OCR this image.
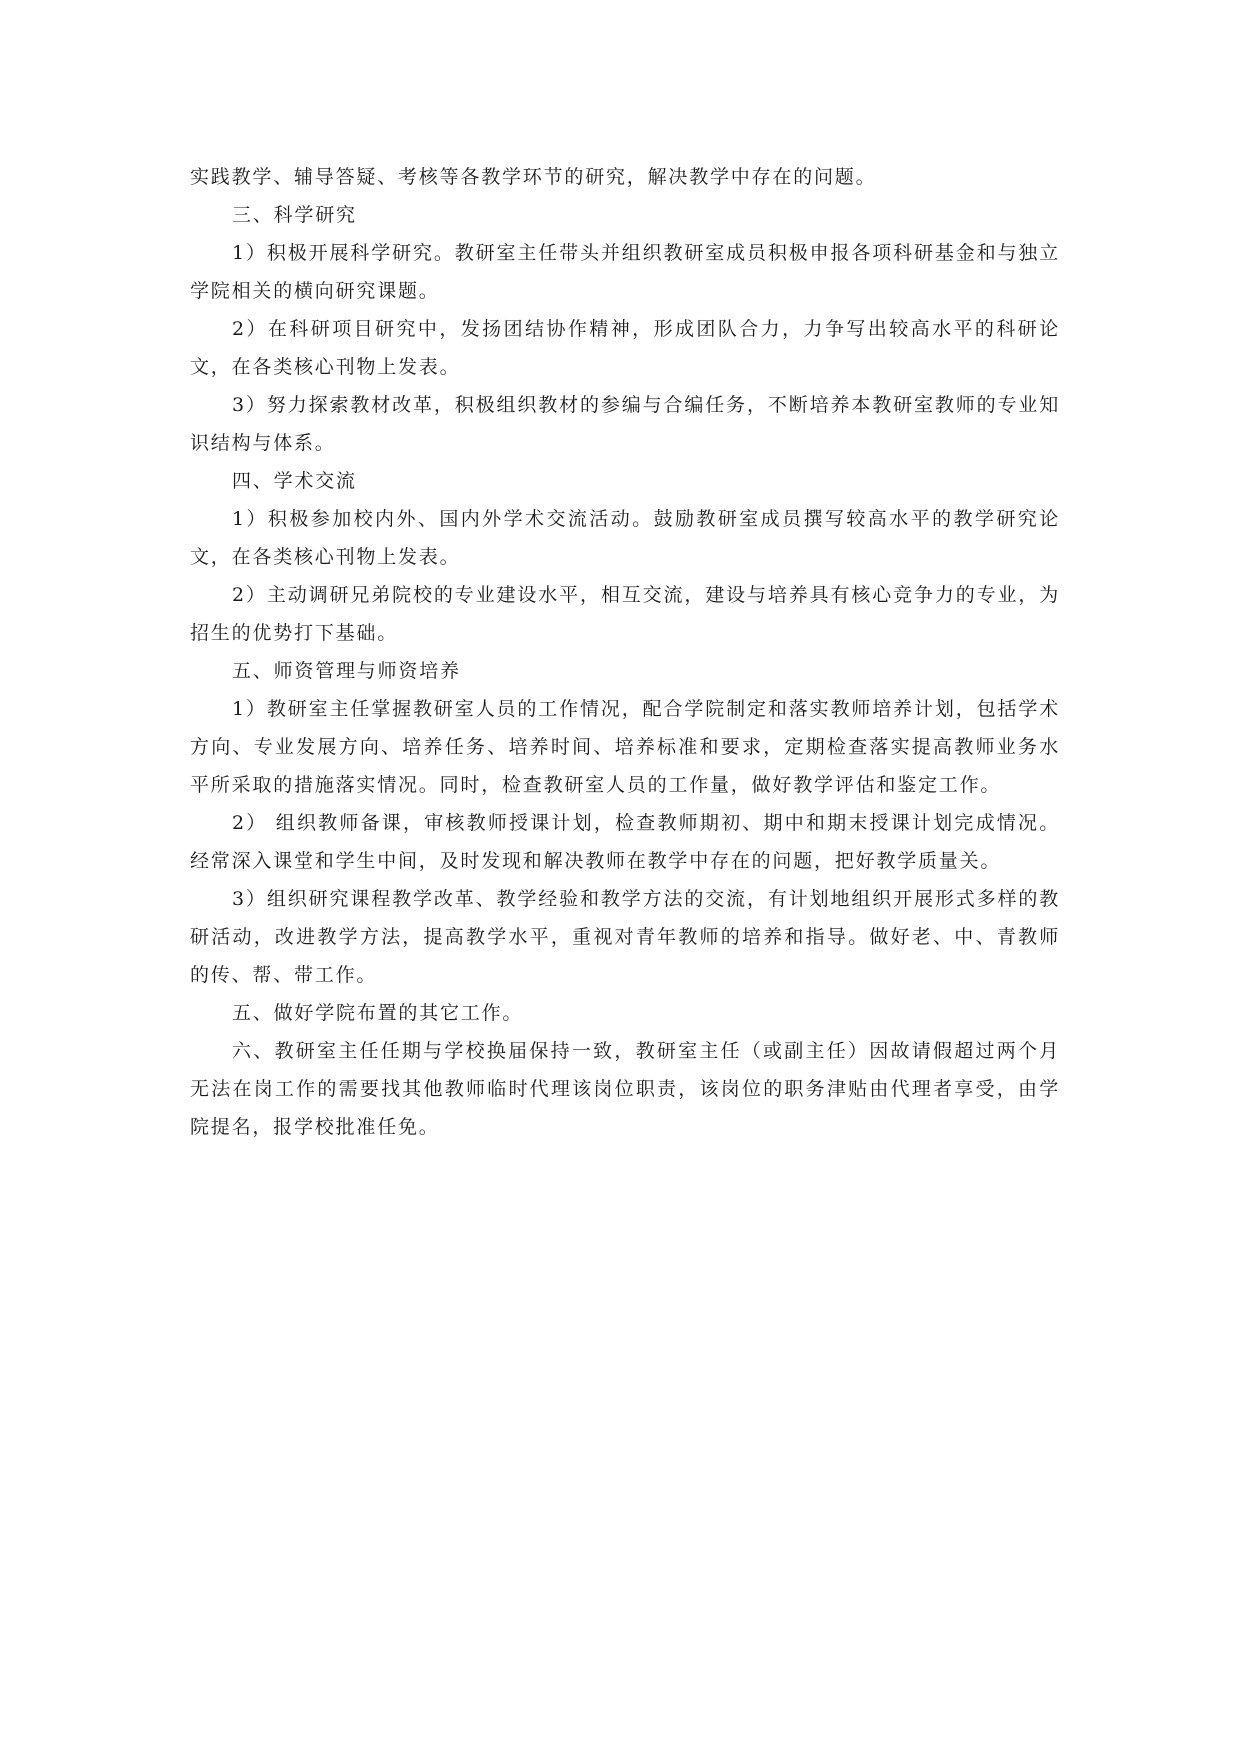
实践教学、辅导答疑、考核等各教学环节的研究，解决教学中存在的问题。

三、科学研究

1）积极开展科学研究。教研室主任带头并组织教研室成员积极申报各项科研基金和与独立学院相关的横向研究课题。

2）在科研项目研究中，发扬团结协作精神，形成团队合力，力争写出较高水平的科研论文，在各类核心刊物上发表。

3）努力探索教材改革，积极组织教材的参编与合编任务，不断培养本教研室教师的专业知识结构与体系。

四、学术交流

1）积极参加校内外、国内外学术交流活动。鼓励教研室成员撰写较高水平的教学研究论文，在各类核心刊物上发表。

2）主动调研兄弟院校的专业建设水平，相互交流，建设与培养具有核心竞争力的专业，为招生的优势打下基础。

五、师资管理与师资培养

1）教研室主任掌握教研室人员的工作情况，配合学院制定和落实教师培养计划，包括学术方向、专业发展方向、培养任务、培养时间、培养标准和要求，定期检查落实提高教师业务水平所采取的措施落实情况。同时，检查教研室人员的工作量，做好教学评估和鉴定工作。

2） 组织教师备课，审核教师授课计划，检查教师期初、期中和期末授课计划完成情况。经常深入课堂和学生中间，及时发现和解决教师在教学中存在的问题，把好教学质量关。

3）组织研究课程教学改革、教学经验和教学方法的交流，有计划地组织开展形式多样的教研活动，改进教学方法，提高教学水平，重视对青年教师的培养和指导。做好老、中、青教师的传、帮、带工作。

五、做好学院布置的其它工作。

六、教研室主任任期与学校换届保持一致，教研室主任（或副主任）因故请假超过两个月无法在岗工作的需要找其他教师临时代理该岗位职责，该岗位的职务津贴由代理者享受，由学院提名，报学校批准任免。
